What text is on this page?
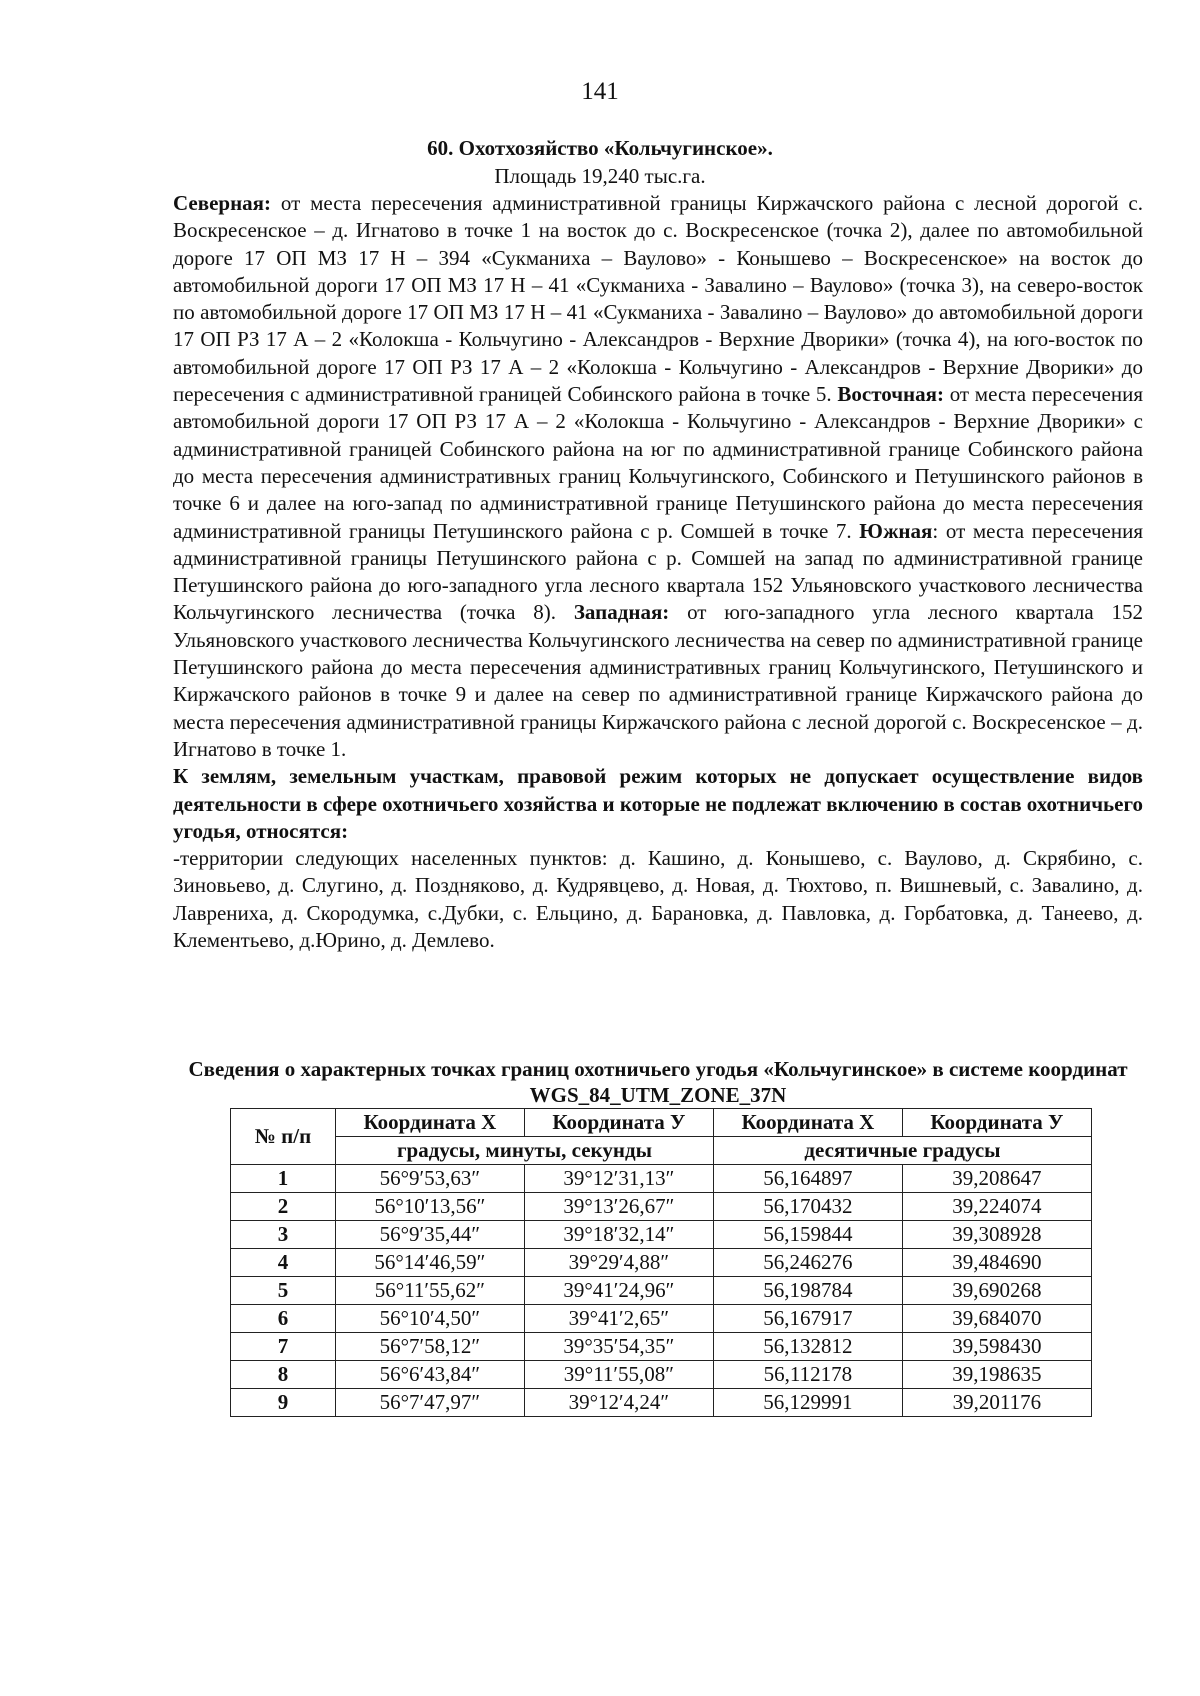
141
60. Охотхозяйство «Кольчугинское».
Площадь 19,240 тыс.га.

Северная: от места пересечения административной границы Киржачского района с лесной дорогой с. Воскресенское – д. Игнатово в точке 1 на восток до с. Воскресенское (точка 2), далее по автомобильной дороге 17 ОП МЗ 17 Н – 394 «Сукманиха – Ваулово» - Конышево – Воскресенское» на восток до автомобильной дороги 17 ОП МЗ 17 Н – 41 «Сукманиха - Завалино – Ваулово» (точка 3), на северо-восток по автомобильной дороге 17 ОП МЗ 17 Н – 41 «Сукманиха - Завалино – Ваулово» до автомобильной дороги 17 ОП РЗ 17 А – 2 «Колокша - Кольчугино - Александров - Верхние Дворики» (точка 4), на юго-восток по автомобильной дороге 17 ОП РЗ 17 А – 2 «Колокша - Кольчугино - Александров - Верхние Дворики» до пересечения с административной границей Собинского района в точке 5. Восточная: от места пересечения автомобильной дороги 17 ОП РЗ 17 А – 2 «Колокша - Кольчугино - Александров - Верхние Дворики» с административной границей Собинского района на юг по административной границе Собинского района до места пересечения административных границ Кольчугинского, Собинского и Петушинского районов в точке 6 и далее на юго-запад по административной границе Петушинского района до места пересечения административной границы Петушинского района с р. Сомшей в точке 7. Южная: от места пересечения административной границы Петушинского района с р. Сомшей на запад по административной границе Петушинского района до юго-западного угла лесного квартала 152 Ульяновского участкового лесничества Кольчугинского лесничества (точка 8). Западная: от юго-западного угла лесного квартала 152 Ульяновского участкового лесничества Кольчугинского лесничества на север по административной границе Петушинского района до места пересечения административных границ Кольчугинского, Петушинского и Киржачского районов в точке 9 и далее на север по административной границе Киржачского района до места пересечения административной границы Киржачского района с лесной дорогой с. Воскресенское – д. Игнатово в точке 1.

К землям, земельным участкам, правовой режим которых не допускает осуществление видов деятельности в сфере охотничьего хозяйства и которые не подлежат включению в состав охотничьего угодья, относятся:

-территории следующих населенных пунктов: д. Кашино, д. Конышево, с. Ваулово, д. Скрябино, с. Зиновьево, д. Слугино, д. Поздняково, д. Кудрявцево, д. Новая, д. Тюхтово, п. Вишневый, с. Завалино, д. Лаврениха, д. Скородумка, с.Дубки, с. Ельцино, д. Барановка, д. Павловка, д. Горбатовка, д. Танеево, д. Клементьево, д.Юрино, д. Демлево.

Сведения о характерных точках границ охотничьего угодья «Кольчугинское» в системе координат WGS_84_UTM_ZONE_37N
№ п/п	Координата X	Координата У	Координата X	Координата У
	градусы, минуты, секунды		десятичные градусы	
1	56°9′53,63″	39°12′31,13″	56,164897	39,208647
2	56°10′13,56″	39°13′26,67″	56,170432	39,224074
3	56°9′35,44″	39°18′32,14″	56,159844	39,308928
4	56°14′46,59″	39°29′4,88″	56,246276	39,484690
5	56°11′55,62″	39°41′24,96″	56,198784	39,690268
6	56°10′4,50″	39°41′2,65″	56,167917	39,684070
7	56°7′58,12″	39°35′54,35″	56,132812	39,598430
8	56°6′43,84″	39°11′55,08″	56,112178	39,198635
9	56°7′47,97″	39°12′4,24″	56,129991	39,201176
